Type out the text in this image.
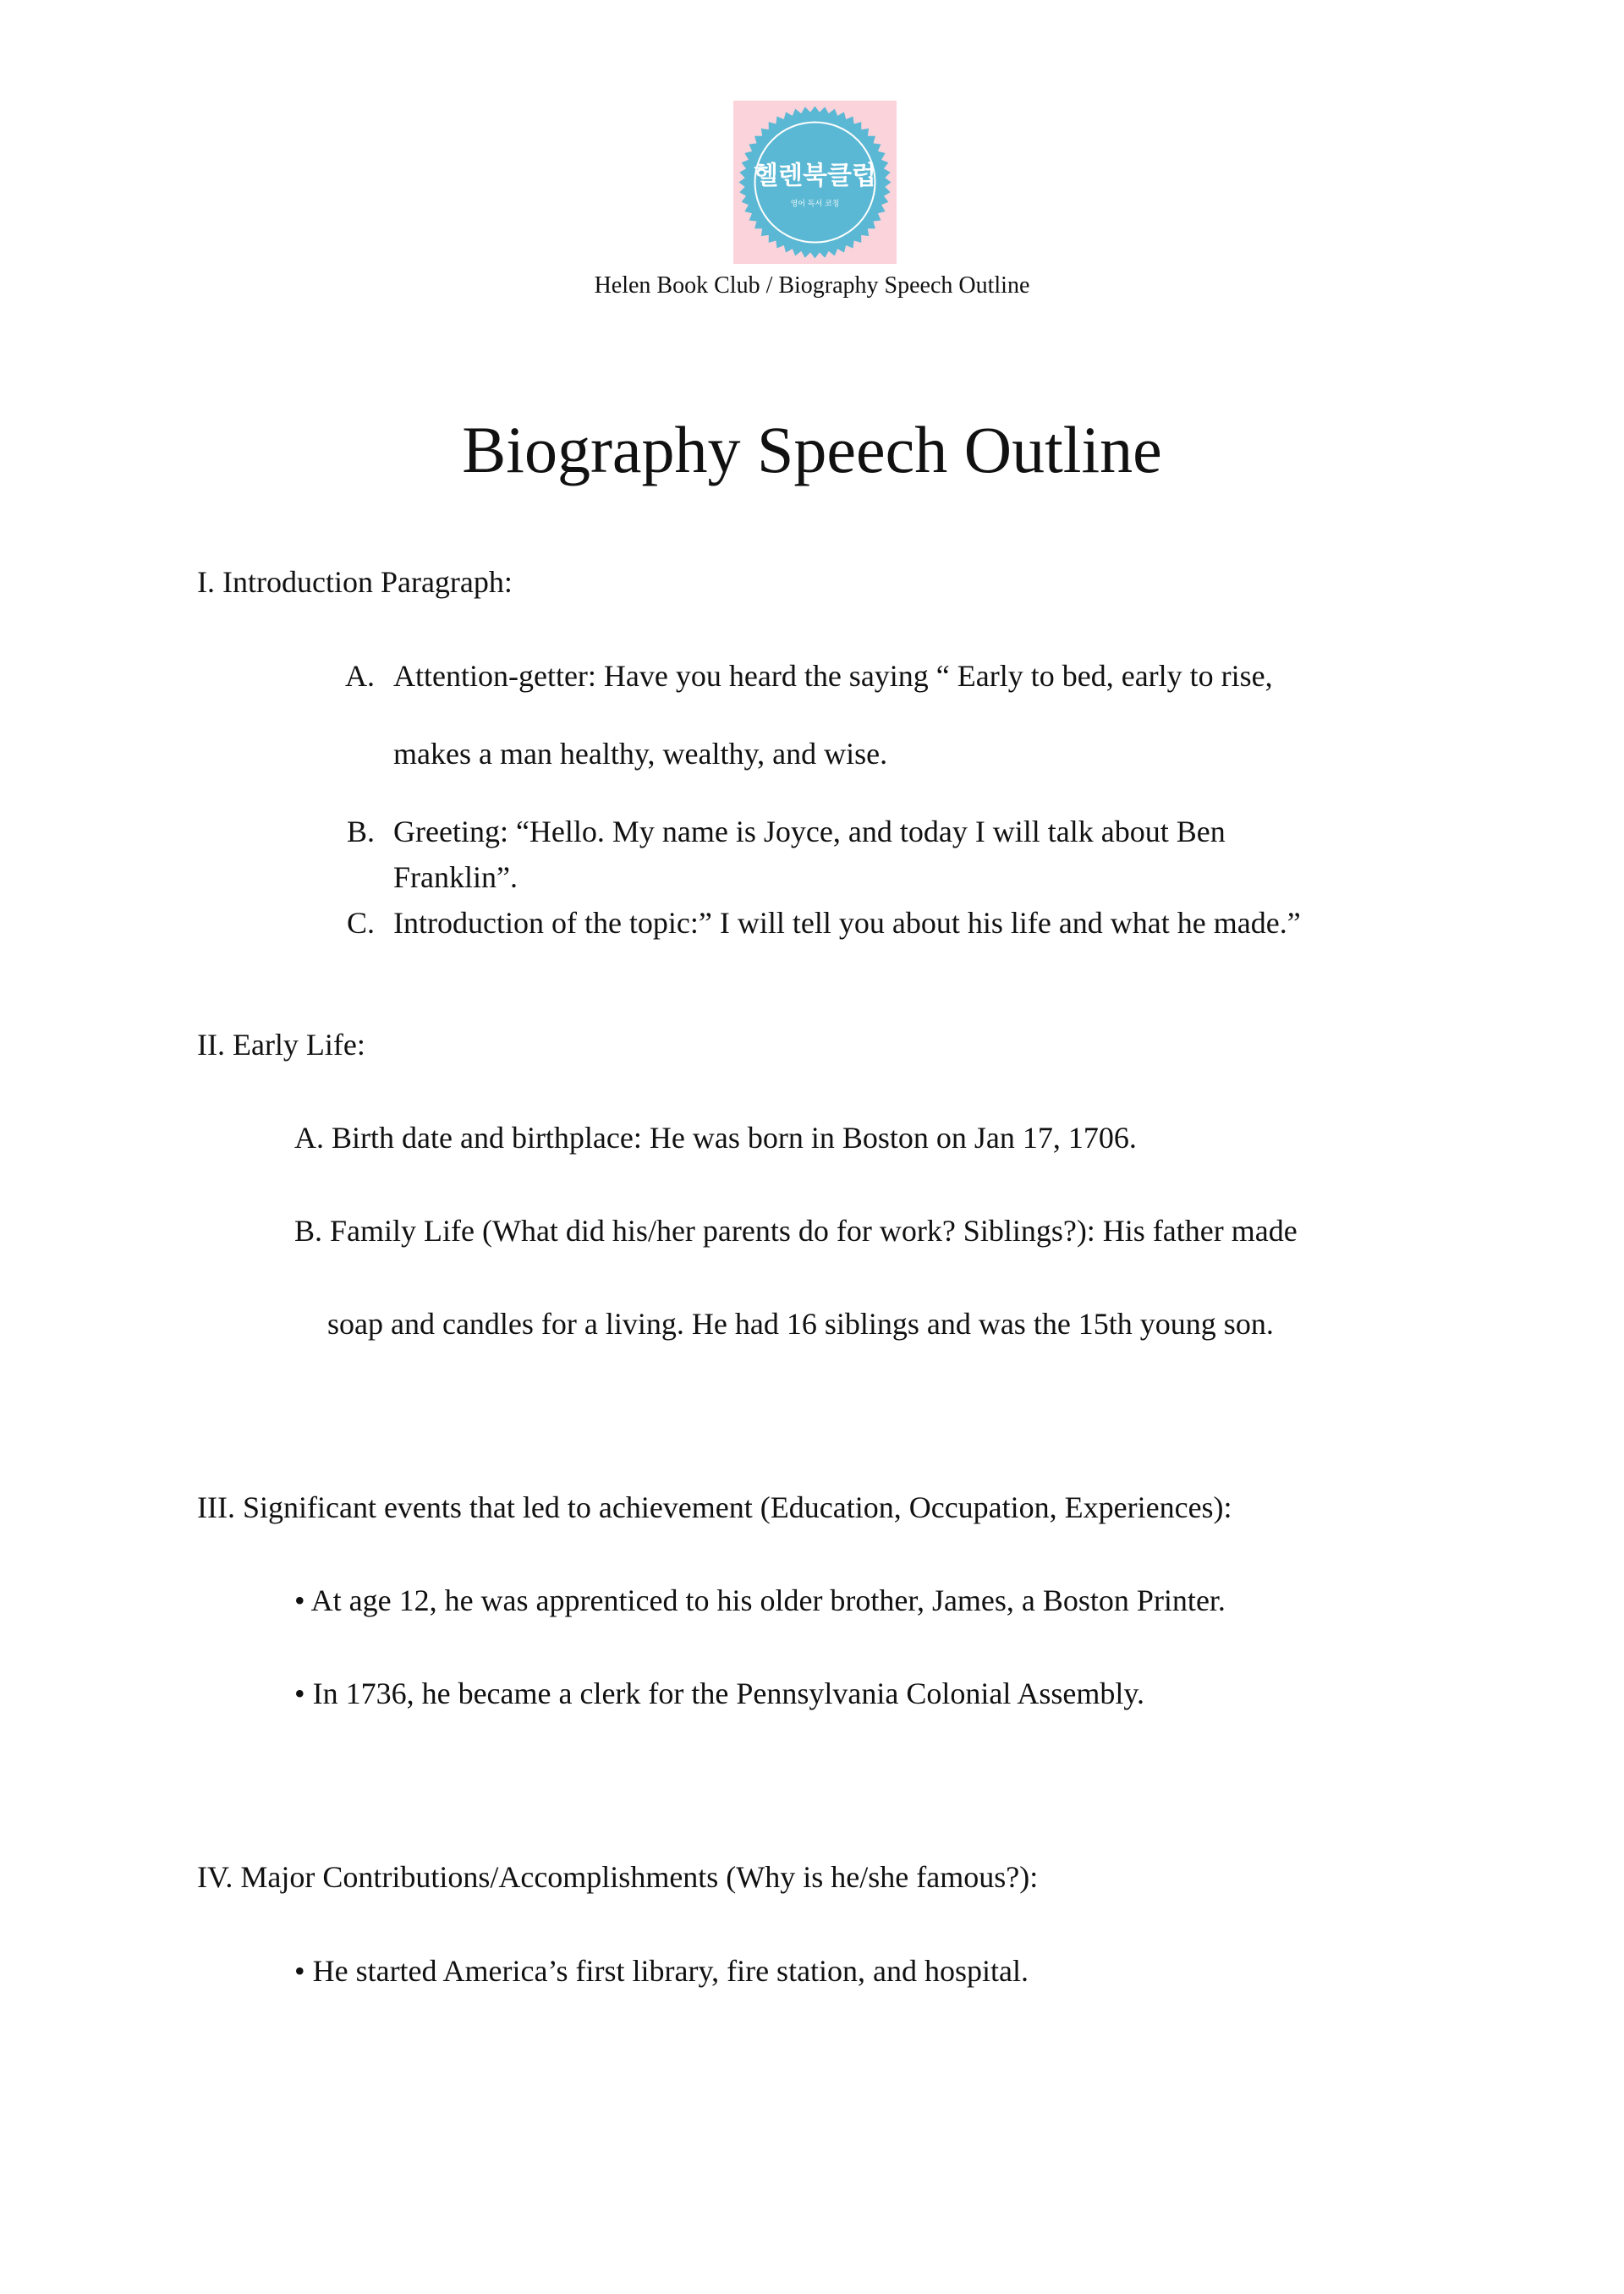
헬렌북클럽
영어 독서 코칭
Helen Book Club / Biography Speech Outline
Biography Speech Outline

I. Introduction Paragraph:

A. Attention-getter: Have you heard the saying “ Early to bed, early to rise,

makes a man healthy, wealthy, and wise.

B. Greeting: “Hello. My name is Joyce, and today I will talk about Ben

Franklin”.

C. Introduction of the topic:” I will tell you about his life and what he made.”

II. Early Life:

A. Birth date and birthplace: He was born in Boston on Jan 17, 1706.

B. Family Life (What did his/her parents do for work? Siblings?): His father made

soap and candles for a living. He had 16 siblings and was the 15th young son.

III. Significant events that led to achievement (Education, Occupation, Experiences):

• At age 12, he was apprenticed to his older brother, James, a Boston Printer.

• In 1736, he became a clerk for the Pennsylvania Colonial Assembly.

IV. Major Contributions/Accomplishments (Why is he/she famous?):

• He started America’s first library, fire station, and hospital.
